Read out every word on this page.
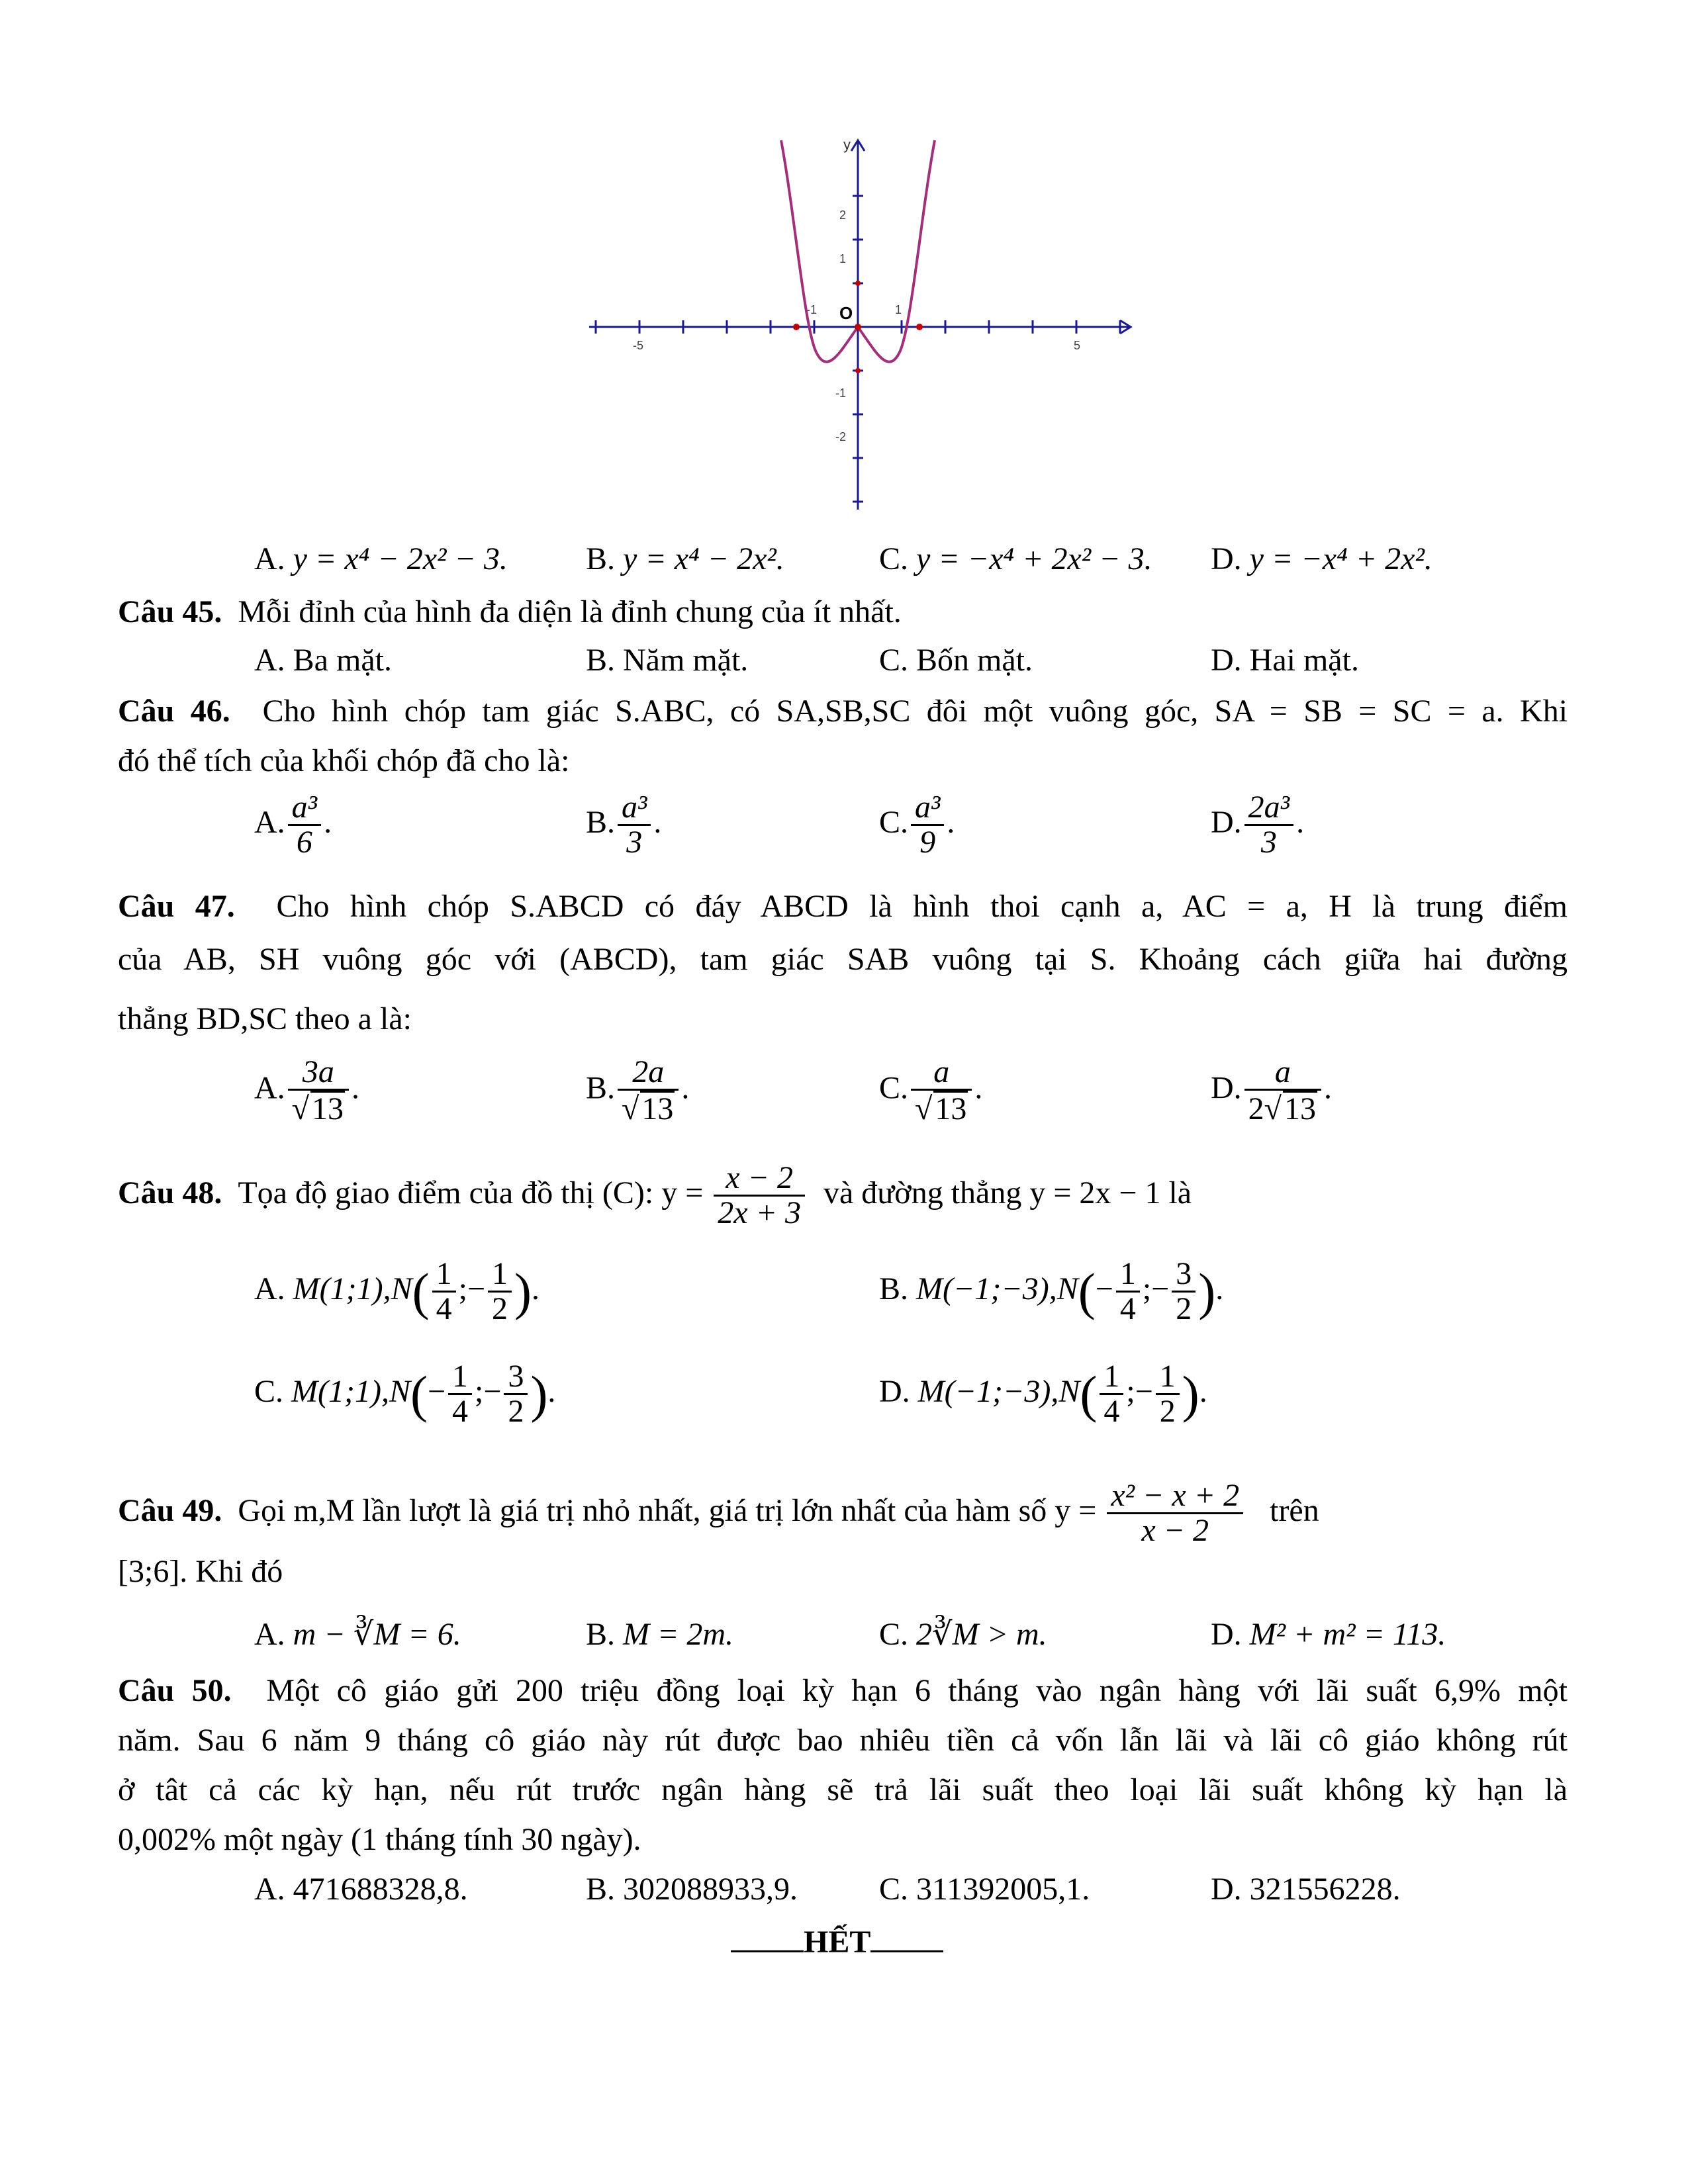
y
O
-5
-1	1
5
2
1
-1
-2
A. y = x⁴ − 2x² − 3. B. y = x⁴ − 2x².	C. y = −x⁴ + 2x² − 3. D. y = −x⁴ + 2x².
Câu 45. Mỗi đỉnh của hình đa diện là đỉnh chung của ít nhất.
A. Ba mặt.	B. Năm mặt.	C. Bốn mặt.	D. Hai mặt.
Câu 46. Cho hình chóp tam giác S.ABC, có SA,SB,SC đôi một vuông góc, SA = SB = SC = a. Khi
đó thể tích của khối chóp đã cho là:
A. $\frac{\text{a³}}{6}$ .	B. $\frac{\text{a³}}{3}$ .	C. $\frac{\text{a³}}{9}$ .	D. $\frac{\text{2a³}}{3}$ .
Câu 47. Cho hình chóp S.ABCD có đáy ABCD là hình thoi cạnh a, AC = a, H là trung điểm
của AB, SH vuông góc với (ABCD), tam giác SAB vuông tại S. Khoảng cách giữa hai đường
thẳng BD,SC theo a là:
A. $\frac{3a}{√13}$ .	B. $\frac{2a}{√13}$ .	C. $\frac{a}{√13}$ .	D. $\frac{a}{2√13}$ .
Câu 48. Tọa độ giao điểm của đồ thị (C): $y = \frac{x - 2}{2x + 3}$ và đường thẳng y = 2x − 1 là
A. M(1;1),N( $\frac{1}{4}$ ;− $\frac{1}{2}$ ).	B. M(−1;−3),N(− $\frac{1}{4}$ ;− $\frac{3}{2}$ ).
C. M(1;1),N(− $\frac{1}{4}$ ;− $\frac{3}{2}$ ).	D. M(−1;−3),N( $\frac{1}{4}$ ;− $\frac{1}{2}$ ).
Câu 49. Gọi m,M lần lượt là giá trị nhỏ nhất, giá trị lớn nhất của hàm số $y = \frac{\text{x² − x + 2}}{x - 2}$ trên
[3;6]. Khi đó
A. m − ∛M = 6.	B. M = 2m.	C. 2∛M > m.	D. M² + m² = 113.
Câu 50. Một cô giáo gửi 200 triệu đồng loại kỳ hạn 6 tháng vào ngân hàng với lãi suất 6,9% một
năm. Sau 6 năm 9 tháng cô giáo này rút được bao nhiêu tiền cả vốn lẫn lãi và lãi cô giáo không rút
ở tât cả các kỳ hạn, nếu rút trước ngân hàng sẽ trả lãi suất theo loại lãi suất không kỳ hạn là
0,002% một ngày (1 tháng tính 30 ngày).
A. 471688328,8.	B. 302088933,9.	C. 311392005,1.	D. 321556228.
HẾT
